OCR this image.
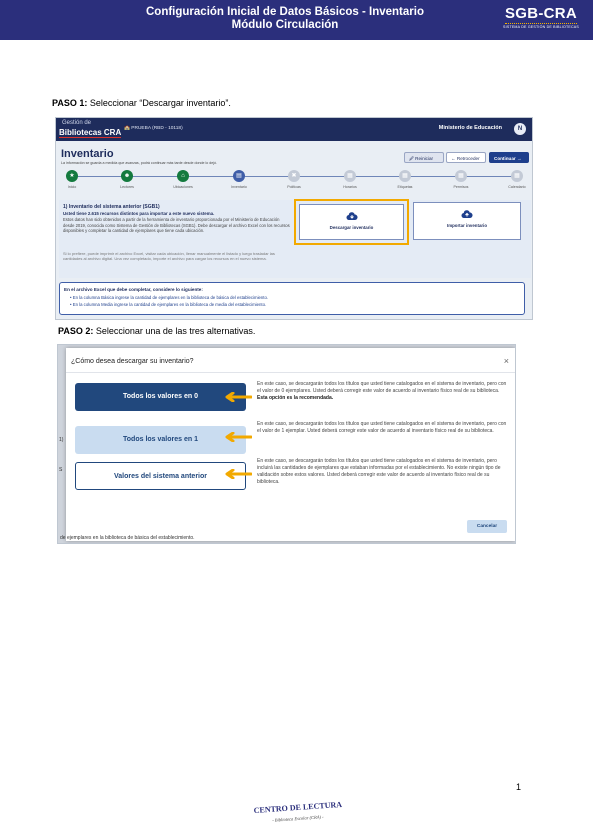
Configuración Inicial de Datos Básicos - Inventario
Módulo Circulación
SGB-CRA
SISTEMA DE GESTIÓN DE BIBLIOTECAS
PASO 1: Seleccionar “Descargar inventario”.
Gestión de
Bibliotecas CRA 🏫 PRUEBA (RBD - 10118)	Ministerio de Educación	N
Inventario
La información se guarda a medida que avanzas, podrá continuar más tarde desde donde lo dejó.
🖉 Reiniciar	← Retroceder	Continuar →
★
Inicio
☻
Lectores
⌂
Ubicaciones
▤
Inventario
✖
Políticas
▦
Horarios
▦
Etiquetas
▦
Permisos
▦
Calendario
1) Inventario del sistema anterior (SGB1)
Usted tiene 2.615 recursos distintos para importar a este nuevo sistema.
Estos datos han sido obtenidos a partir de la herramienta de inventario proporcionada por el Ministerio de Educación desde 2019, conocida como Sistema de Gestión de Bibliotecas (SGB1). Debe descargar el archivo Excel con los recursos disponibles y completar la cantidad de ejemplares que tiene cada ubicación.
Si lo prefiere, puede imprimir el archivo Excel, visitar cada ubicación, llenar manualmente el listado y luego trasladar las cantidades al archivo digital. Una vez completado, importe el archivo para cargar los recursos en el nuevo sistema.
Descargar inventario	Importar inventario
En el archivo Excel que debe completar, considere lo siguiente:
• En la columna Básica ingrese la cantidad de ejemplares en la biblioteca de básica del establecimiento.
• En la columna Media ingrese la cantidad de ejemplares en la biblioteca de media del establecimiento.
PASO 2: Seleccionar una de las tres alternativas.
1)
S
¿Cómo desea descargar su inventario?	×
Todos los valores en 0
En este caso, se descargarán todos los títulos que usted tiene catalogados en el sistema de inventario, pero con el valor de 0 ejemplares. Usted deberá corregir este valor de acuerdo al inventario físico real de su biblioteca. Esta opción es la recomendada.
Todos los valores en 1
En este caso, se descargarán todos los títulos que usted tiene catalogados en el sistema de inventario, pero con el valor de 1 ejemplar. Usted deberá corregir este valor de acuerdo al inventario físico real de su biblioteca.
Valores del sistema anterior
En este caso, se descargarán todos los títulos que usted tiene catalogados en el sistema de inventario, pero incluirá las cantidades de ejemplares que estaban informadas por el establecimiento. No existe ningún tipo de validación sobre estos valores. Usted deberá corregir este valor de acuerdo al inventario físico real de su biblioteca.
Cancelar
de ejemplares en la biblioteca de básica del establecimiento.
1
CENTRO DE LECTURA
- Biblioteca Escolar (CRA) -
